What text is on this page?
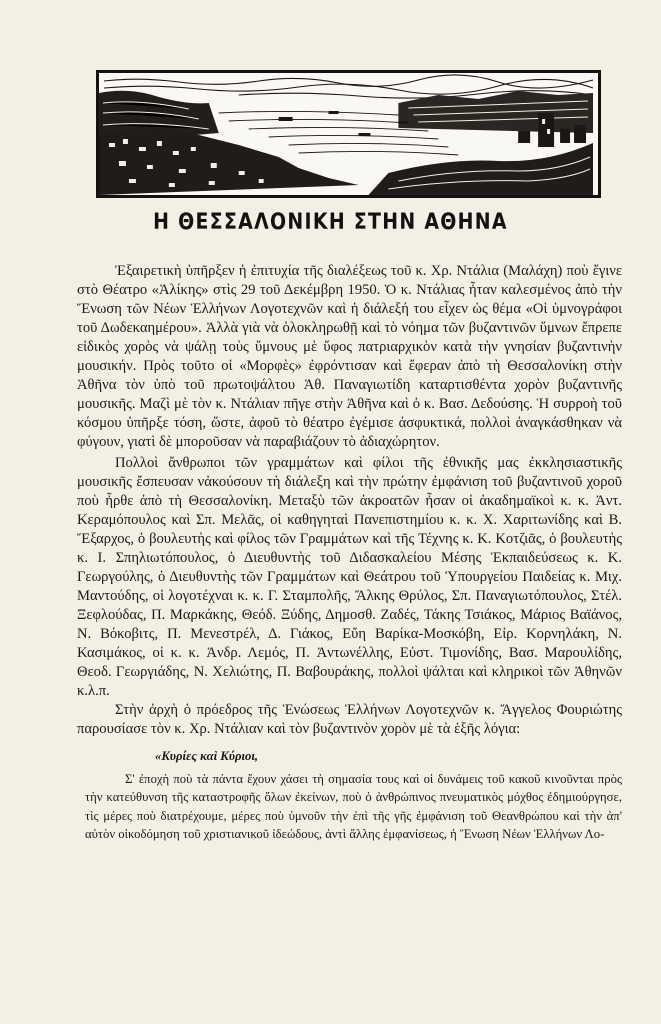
Η ΘΕΣΣΑΛΟΝΙΚΗ ΣΤΗΝ ΑΘΗΝΑ

Ἐξαιρετικὴ ὑπῆρξεν ἡ ἐπιτυχία τῆς διαλέξεως τοῦ κ. Χρ. Ντάλια (Μαλάχη) ποὺ ἔγινε στὸ Θέατρο «Ἀλίκης» στὶς 29 τοῦ Δεκέμβρη 1950. Ὁ κ. Ντάλιας ἦταν καλεσμένος ἀπὸ τὴν Ἕνωση τῶν Νέων Ἑλλήνων Λογοτεχνῶν καὶ ἡ διάλεξή του εἶχεν ὡς θέμα «Οἱ ὑμνογράφοι τοῦ Δωδεκαημέρου». Ἀλλὰ γιὰ νὰ ὁλοκληρωθῇ καὶ τὸ νόημα τῶν βυζαντινῶν ὕμνων ἔπρεπε εἰδικὸς χορὸς νὰ ψάλῃ τοὺς ὕμνους μὲ ὕφος πατριαρχικὸν κατὰ τὴν γνησίαν βυζαντινὴν μουσικήν. Πρὸς τοῦτο οἱ «Μορφὲς» ἐφρόντισαν καὶ ἔφεραν ἀπὸ τὴ Θεσσαλονίκη στὴν Ἀθῆνα τὸν ὑπὸ τοῦ πρωτοψάλτου Ἀθ. Παναγιωτίδη καταρτισθέντα χορὸν βυζαντινῆς μουσικῆς. Μαζὶ μὲ τὸν κ. Ντάλιαν πῆγε στὴν Ἀθῆνα καὶ ὁ κ. Βασ. Δεδούσης. Ἡ συρροὴ τοῦ κόσμου ὑπῆρξε τόση, ὥστε, ἀφοῦ τὸ θέατρο ἐγέμισε ἀσφυκτικά, πολλοὶ ἀναγκάσθηκαν νὰ φύγουν, γιατὶ δὲ μποροῦσαν νὰ παραβιάζουν τὸ ἀδιαχώρητον.

Πολλοὶ ἄνθρωποι τῶν γραμμάτων καὶ φίλοι τῆς ἐθνικῆς μας ἐκκλησιαστικῆς μουσικῆς ἔσπευσαν νἀκούσουν τὴ διάλεξη καὶ τὴν πρώτην ἐμφάνιση τοῦ βυζαντινοῦ χοροῦ ποὺ ἦρθε ἀπὸ τὴ Θεσσαλονίκη. Μεταξὺ τῶν ἀκροατῶν ἦσαν οἱ ἀκαδημαϊκοὶ κ. κ. Ἀντ. Κεραμόπουλος καὶ Σπ. Μελᾶς, οἱ καθηγηταὶ Πανεπιστημίου κ. κ. Χ. Χαριτωνίδης καὶ Β. Ἔξαρχος, ὁ βουλευτὴς καὶ φίλος τῶν Γραμμάτων καὶ τῆς Τέχνης κ. Κ. Κοτζιᾶς, ὁ βουλευτὴς κ. Ι. Σπηλιωτόπουλος, ὁ Διευθυντὴς τοῦ Διδασκαλείου Μέσης Ἐκπαιδεύσεως κ. Κ. Γεωργούλης, ὁ Διευθυντὴς τῶν Γραμμάτων καὶ Θεάτρου τοῦ Ὑπουργείου Παιδείας κ. Μιχ. Μαντούδης, οἱ λογοτέχναι κ. κ. Γ. Σταμπολῆς, Ἄλκης Θρύλος, Σπ. Παναγιωτόπουλος, Στέλ. Ξεφλούδας, Π. Μαρκάκης, Θεόδ. Ξύδης, Δημοσθ. Ζαδές, Τάκης Τσιάκος, Μάριος Βαϊάνος, Ν. Βόκοβιτς, Π. Μενεστρέλ, Δ. Γιάκος, Εὔη Βαρίκα-Μοσκόβη, Εἰρ. Κορνηλάκη, Ν. Κασιμάκος, οἱ κ. κ. Ἀνδρ. Λεμός, Π. Ἀντωνέλλης, Εὐστ. Τιμονίδης, Βασ. Μαρουλίδης, Θεοδ. Γεωργιάδης, Ν. Χελιώτης, Π. Βαβουράκης, πολλοὶ ψάλται καὶ κληρικοὶ τῶν Ἀθηνῶν κ.λ.π.

Στὴν ἀρχὴ ὁ πρόεδρος τῆς Ἑνώσεως Ἑλλήνων Λογοτεχνῶν κ. Ἄγγελος Φουριώτης παρουσίασε τὸν κ. Χρ. Ντάλιαν καὶ τὸν βυζαντινὸν χορὸν μὲ τὰ ἑξῆς λόγια:

«Κυρίες καὶ Κύριοι,

Σ' ἐποχὴ ποὺ τὰ πάντα ἔχουν χάσει τὴ σημασία τους καὶ οἱ δυνάμεις τοῦ κακοῦ κινοῦνται πρὸς τὴν κατεύθυνση τῆς καταστροφῆς ὅλων ἐκείνων, ποὺ ὁ ἀνθρώπινος πνευματικὸς μόχθος ἐδημιούργησε, τὶς μέρες ποὺ διατρέχουμε, μέρες ποὺ ὑμνοῦν τὴν ἐπὶ τῆς γῆς ἐμφάνιση τοῦ Θεανθρώπου καὶ τὴν ἀπ' αὐτὸν οἰκοδόμηση τοῦ χριστιανικοῦ ἰδεώδους, ἀντὶ ἄλλης ἐμφανίσεως, ἡ Ἕνωση Νέων Ἑλλήνων Λο-
